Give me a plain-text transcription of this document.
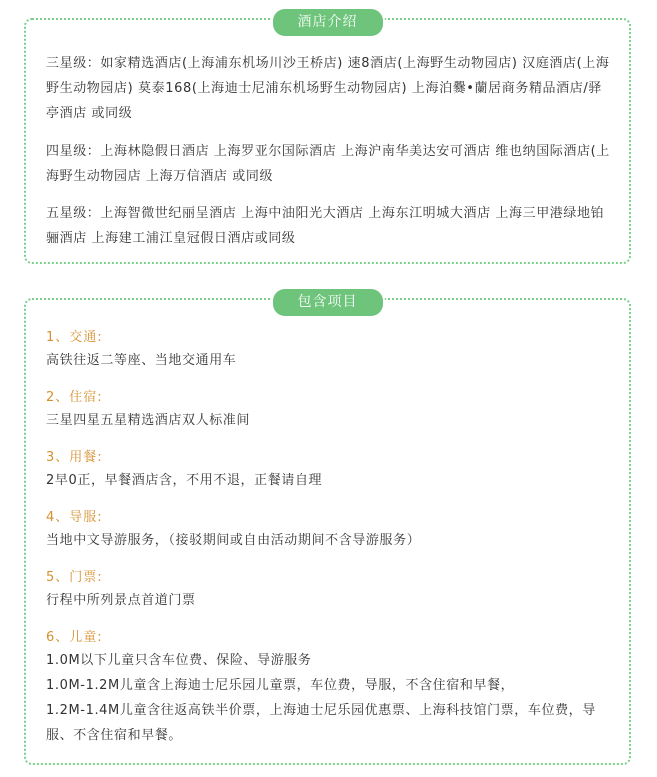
酒店介绍

三星级：如家精选酒店(上海浦东机场川沙王桥店) 速8酒店(上海野生动物园店) 汉庭酒店(上海野生动物园店) 莫泰168(上海迪士尼浦东机场野生动物园店) 上海泊爨•蘭居商务精品酒店/驿亭酒店 或同级

四星级：上海林隐假日酒店 上海罗亚尔国际酒店 上海沪南华美达安可酒店 维也纳国际酒店(上海野生动物园店 上海万信酒店 或同级

五星级：上海智微世纪丽呈酒店 上海中油阳光大酒店 上海东江明城大酒店 上海三甲港绿地铂骊酒店 上海建工浦江皇冠假日酒店或同级

包含项目
1、交通:

高铁往返二等座、当地交通用车

2、住宿:

三星四星五星精选酒店双人标准间

3、用餐:

2早0正，早餐酒店含，不用不退，正餐请自理

4、导服:

当地中文导游服务，（接驳期间或自由活动期间不含导游服务）

5、门票:

行程中所列景点首道门票

6、儿童:

1.0M以下儿童只含车位费、保险、导游服务

1.0M-1.2M儿童含上海迪士尼乐园儿童票，车位费，导服，不含住宿和早餐，

1.2M-1.4M儿童含往返高铁半价票，上海迪士尼乐园优惠票、上海科技馆门票，车位费，导服、不含住宿和早餐。
